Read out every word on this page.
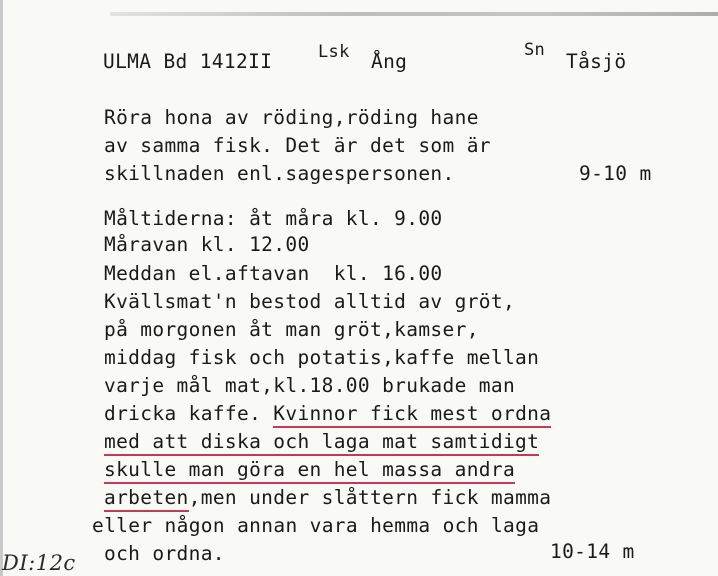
ULMA Bd 1412II	Lsk Ång	Sn Tåsjö
Röra hona av röding,röding hane
av samma fisk. Det är det som är
skillnaden enl.sagespersonen.	9-10 m
Måltiderna: åt måra kl. 9.00
Måravan kl. 12.00
Meddan el.aftavan  kl. 16.00
Kvällsmat'n bestod alltid av gröt,
på morgonen åt man gröt,kamser,
middag fisk och potatis,kaffe mellan
varje mål mat,kl.18.00 brukade man
dricka kaffe. Kvinnor fick mest ordna
med att diska och laga mat samtidigt
skulle man göra en hel massa andra
arbeten,men under slåttern fick mamma
eller någon annan vara hemma och laga
och ordna.	10-14 m
DI:12c
